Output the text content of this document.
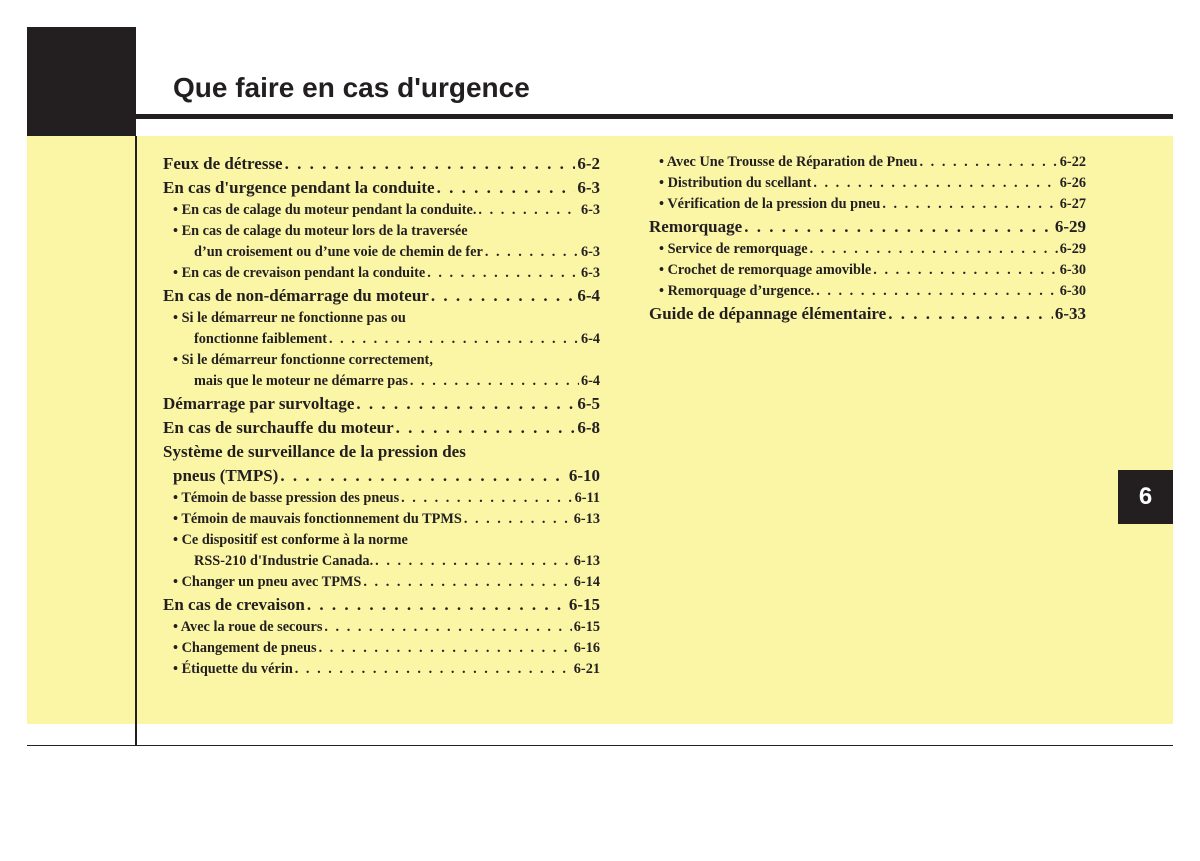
Que faire en cas d'urgence
6
Feux de détresse . . .	6-2
En cas d'urgence pendant la conduite . . .	6-3
• En cas de calage du moteur pendant la conduite. . . .	6-3
• En cas de calage du moteur lors de la traversée
d’un croisement ou d’une voie de chemin de fer . . .	6-3
• En cas de crevaison pendant la conduite . . .	6-3
En cas de non-démarrage du moteur . . .	6-4
• Si le démarreur ne fonctionne pas ou
fonctionne faiblement . . .	6-4
• Si le démarreur fonctionne correctement,
mais que le moteur ne démarre pas . . .	6-4
Démarrage par survoltage . . .	6-5
En cas de surchauffe du moteur . . .	6-8
Système de surveillance de la pression des
pneus (TMPS) . . .	6-10
• Témoin de basse pression des pneus . . .	6-11
• Témoin de mauvais fonctionnement du TPMS . . .	6-13
• Ce dispositif est conforme à la norme
RSS-210 d'Industrie Canada. . . .	6-13
• Changer un pneu avec TPMS . . .	6-14
En cas de crevaison . . .	6-15
• Avec la roue de secours . . .	6-15
• Changement de pneus . . .	6-16
• Étiquette du vérin . . .	6-21
• Avec Une Trousse de Réparation de Pneu . . .	6-22
• Distribution du scellant . . .	6-26
• Vérification de la pression du pneu . . .	6-27
Remorquage . . .	6-29
• Service de remorquage . . .	6-29
• Crochet de remorquage amovible . . .	6-30
• Remorquage d’urgence. . . .	6-30
Guide de dépannage élémentaire . . .	6-33
